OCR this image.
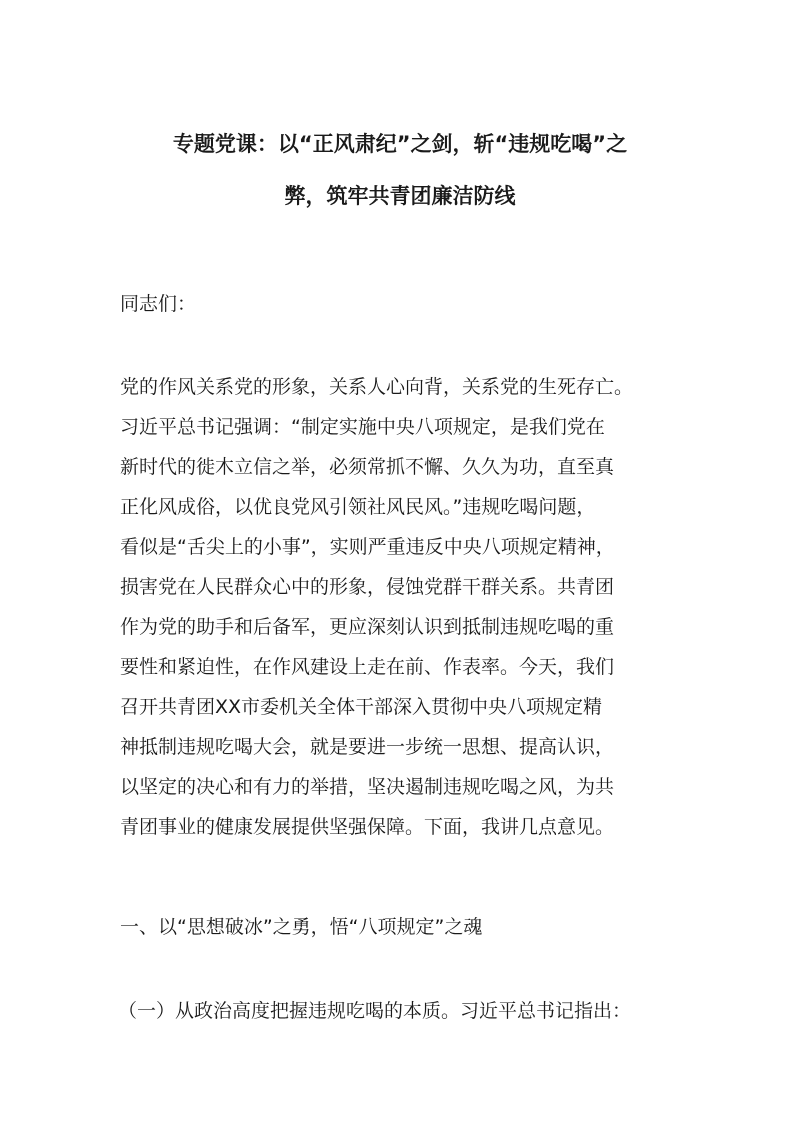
专题党课：以“正风肃纪”之剑，斩“违规吃喝”之
弊，筑牢共青团廉洁防线
同志们：
党的作风关系党的形象，关系人心向背，关系党的生死存亡。
习近平总书记强调：“制定实施中央八项规定，是我们党在
新时代的徙木立信之举，必须常抓不懈、久久为功，直至真
正化风成俗，以优良党风引领社风民风。”违规吃喝问题，
看似是“舌尖上的小事”，实则严重违反中央八项规定精神，
损害党在人民群众心中的形象，侵蚀党群干群关系。共青团
作为党的助手和后备军，更应深刻认识到抵制违规吃喝的重
要性和紧迫性，在作风建设上走在前、作表率。今天，我们
召开共青团XX市委机关全体干部深入贯彻中央八项规定精
神抵制违规吃喝大会，就是要进一步统一思想、提高认识，
以坚定的决心和有力的举措，坚决遏制违规吃喝之风，为共
青团事业的健康发展提供坚强保障。下面，我讲几点意见。
一、以“思想破冰”之勇，悟“八项规定”之魂
（一）从政治高度把握违规吃喝的本质。习近平总书记指出：
